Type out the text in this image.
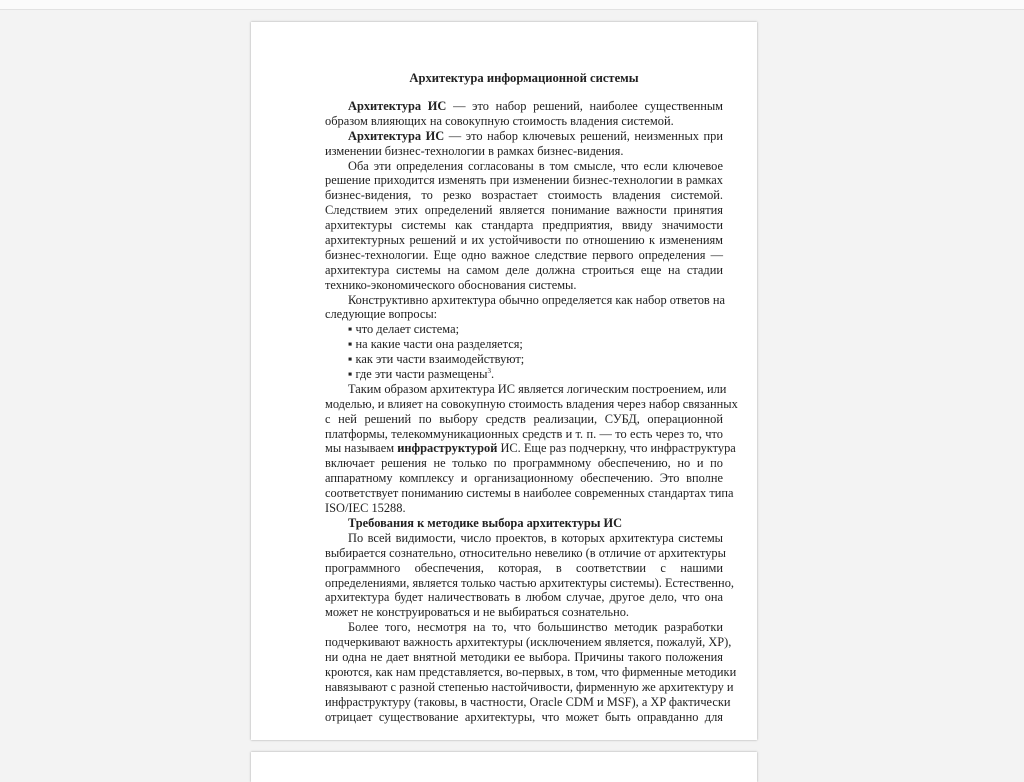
Архитектура информационной системы
Архитектура ИС — это набор решений, наиболее существенным
образом влияющих на совокупную стоимость владения системой.
Архитектура ИС — это набор ключевых решений, неизменных при
изменении бизнес-технологии в рамках бизнес-видения.
Оба эти определения согласованы в том смысле, что если ключевое
решение приходится изменять при изменении бизнес-технологии в рамках
бизнес-видения, то резко возрастает стоимость владения системой.
Следствием этих определений является понимание важности принятия
архитектуры системы как стандарта предприятия, ввиду значимости
архитектурных решений и их устойчивости по отношению к изменениям
бизнес-технологии. Еще одно важное следствие первого определения —
архитектура системы на самом деле должна строиться еще на стадии
технико-экономического обоснования системы.
Конструктивно архитектура обычно определяется как набор ответов на
следующие вопросы:
▪ что делает система;
▪ на какие части она разделяется;
▪ как эти части взаимодействуют;
▪ где эти части размещены$^3$.
Таким образом архитектура ИС является логическим построением, или
моделью, и влияет на совокупную стоимость владения через набор связанных
с ней решений по выбору средств реализации, СУБД, операционной
платформы, телекоммуникационных средств и т. п. — то есть через то, что
мы называем инфраструктурой ИС. Еще раз подчеркну, что инфраструктура
включает решения не только по программному обеспечению, но и по
аппаратному комплексу и организационному обеспечению. Это вполне
соответствует пониманию системы в наиболее современных стандартах типа
ISO/IEC 15288.
Требования к методике выбора архитектуры ИС
По всей видимости, число проектов, в которых архитектура системы
выбирается сознательно, относительно невелико (в отличие от архитектуры
программного обеспечения, которая, в соответствии с нашими
определениями, является только частью архитектуры системы). Естественно,
архитектура будет наличествовать в любом случае, другое дело, что она
может не конструироваться и не выбираться сознательно.
Более того, несмотря на то, что большинство методик разработки
подчеркивают важность архитектуры (исключением является, пожалуй, XP),
ни одна не дает внятной методики ее выбора. Причины такого положения
кроются, как нам представляется, во-первых, в том, что фирменные методики
навязывают с разной степенью настойчивости, фирменную же архитектуру и
инфраструктуру (таковы, в частности, Oracle CDM и MSF), а XP фактически
отрицает существование архитектуры, что может быть оправданно для
